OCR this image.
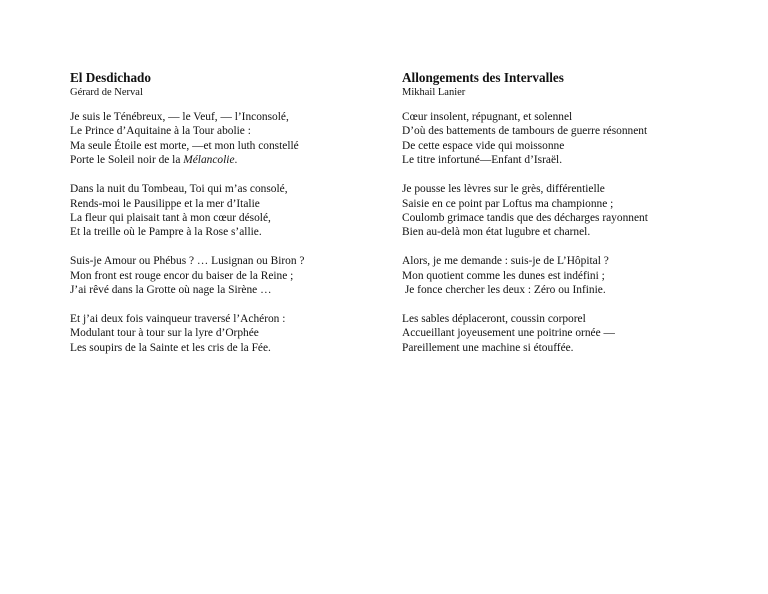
El Desdichado
Gérard de Nerval
Je suis le Ténébreux, — le Veuf, — l’Inconsolé,
Le Prince d’Aquitaine à la Tour abolie :
Ma seule Étoile est morte, —et mon luth constellé
Porte le Soleil noir de la Mélancolie.
Dans la nuit du Tombeau, Toi qui m’as consolé,
Rends-moi le Pausilippe et la mer d’Italie
La fleur qui plaisait tant à mon cœur désolé,
Et la treille où le Pampre à la Rose s’allie.
Suis-je Amour ou Phébus ? … Lusignan ou Biron ?
Mon front est rouge encor du baiser de la Reine ;
J’ai rêvé dans la Grotte où nage la Sirène …
Et j’ai deux fois vainqueur traversé l’Achéron :
Modulant tour à tour sur la lyre d’Orphée
Les soupirs de la Sainte et les cris de la Fée.
Allongements des Intervalles
Mikhail Lanier
Cœur insolent, répugnant, et solennel
D’où des battements de tambours de guerre résonnent
De cette espace vide qui moissonne
Le titre infortuné—Enfant d’Israël.
Je pousse les lèvres sur le grès, différentielle
Saisie en ce point par Loftus ma championne ;
Coulomb grimace tandis que des décharges rayonnent
Bien au-delà mon état lugubre et charnel.
Alors, je me demande : suis-je de L’Hôpital ?
Mon quotient comme les dunes est indéfini ;
Je fonce chercher les deux : Zéro ou Infinie.
Les sables déplaceront, coussin corporel
Accueillant joyeusement une poitrine ornée —
Pareillement une machine si étouffée.
